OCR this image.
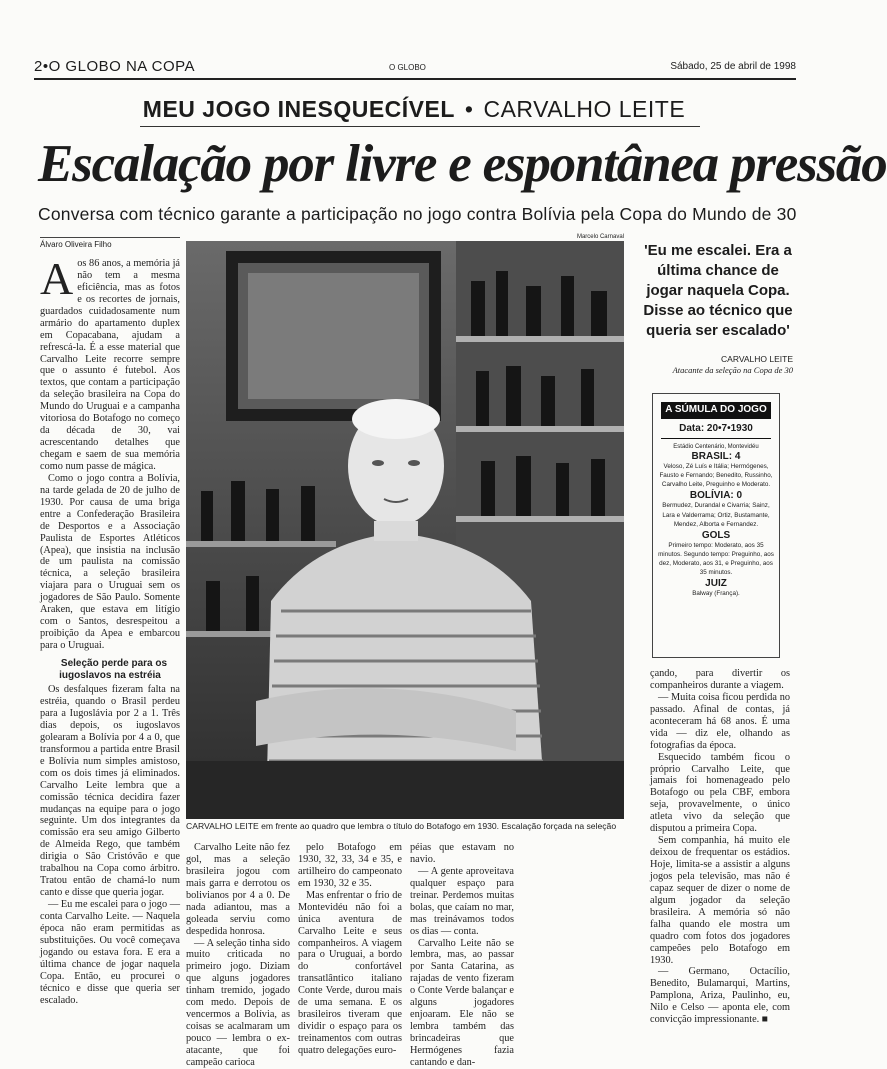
2•O GLOBO NA COPA	O GLOBO	Sábado, 25 de abril de 1998
MEU JOGO INESQUECÍVEL • CARVALHO LEITE
Escalação por livre e espontânea pressão
Conversa com técnico garante a participação no jogo contra Bolívia pela Copa do Mundo de 30
Álvaro Oliveira Filho
Marcelo Carnaval

Aos 86 anos, a memória já não tem a mesma eficiência, mas as fotos e os recortes de jornais, guardados cuidadosamente num armário do apartamento duplex em Copacabana, ajudam a refrescá-la. É a esse material que Carvalho Leite recorre sempre que o assunto é futebol. Aos textos, que contam a participação da seleção brasileira na Copa do Mundo do Uruguai e a campanha vitoriosa do Botafogo no começo da década de 30, vai acrescentando detalhes que chegam e saem de sua memória como num passe de mágica.

Como o jogo contra a Bolívia, na tarde gelada de 20 de julho de 1930. Por causa de uma briga entre a Confederação Brasileira de Desportos e a Associação Paulista de Esportes Atléticos (Apea), que insistia na inclusão de um paulista na comissão técnica, a seleção brasileira viajara para o Uruguai sem os jogadores de São Paulo. Somente Araken, que estava em litígio com o Santos, desrespeitou a proibição da Apea e embarcou para o Uruguai.

Seleção perde para os iugoslavos na estréia

Os desfalques fizeram falta na estréia, quando o Brasil perdeu para a Iugoslávia por 2 a 1. Três dias depois, os iugoslavos golearam a Bolívia por 4 a 0, que transformou a partida entre Brasil e Bolívia num simples amistoso, com os dois times já eliminados. Carvalho Leite lembra que a comissão técnica decidira fazer mudanças na equipe para o jogo seguinte. Um dos integrantes da comissão era seu amigo Gilberto de Almeida Rego, que também dirigia o São Cristóvão e que trabalhou na Copa como árbitro. Tratou então de chamá-lo num canto e disse que queria jogar.

— Eu me escalei para o jogo — conta Carvalho Leite. — Naquela época não eram permitidas as substituições. Ou você começava jogando ou estava fora. E era a última chance de jogar naquela Copa. Então, eu procurei o técnico e disse que queria ser escalado.

CARVALHO LEITE em frente ao quadro que lembra o título do Botafogo em 1930. Escalação forçada na seleção

Carvalho Leite não fez gol, mas a seleção brasileira jogou com mais garra e derrotou os bolivianos por 4 a 0. De nada adiantou, mas a goleada serviu como despedida honrosa.

— A seleção tinha sido muito criticada no primeiro jogo. Diziam que alguns jogadores tinham tremido, jogado com medo. Depois de vencermos a Bolívia, as coisas se acalmaram um pouco — lembra o ex-atacante, que foi campeão carioca

pelo Botafogo em 1930, 32, 33, 34 e 35, e artilheiro do campeonato em 1930, 32 e 35.

Mas enfrentar o frio de Montevidéu não foi a única aventura de Carvalho Leite e seus companheiros. A viagem para o Uruguai, a bordo do confortável transatlântico italiano Conte Verde, durou mais de uma semana. E os brasileiros tiveram que dividir o espaço para os treinamentos com outras quatro delegações euro-

péias que estavam no navio.

— A gente aproveitava qualquer espaço para treinar. Perdemos muitas bolas, que caíam no mar, mas treinávamos todos os dias — conta.

Carvalho Leite não se lembra, mas, ao passar por Santa Catarina, as rajadas de vento fizeram o Conte Verde balançar e alguns jogadores enjoaram. Ele não se lembra também das brincadeiras que Hermógenes fazia cantando e dan-

'Eu me escalei. Era a última chance de jogar naquela Copa. Disse ao técnico que queria ser escalado'
CARVALHO LEITE
Atacante da seleção na Copa de 30
A SÚMULA DO JOGO
Data: 20•7•1930
Estádio Centenário, Montevidéu
BRASIL: 4
Veloso, Zé Luís e Itália; Hermógenes, Fausto e Fernando; Benedito, Russinho, Carvalho Leite, Preguinho e Moderato.
BOLÍVIA: 0
Bermudez, Durandal e Civarria; Sainz, Lara e Valderrama; Ortiz, Bustamante, Mendez, Alborta e Fernandez.
GOLS
Primeiro tempo: Moderato, aos 35 minutos. Segundo tempo: Preguinho, aos dez, Moderato, aos 31, e Preguinho, aos 35 minutos.
JUIZ
Balway (França).

çando, para divertir os companheiros durante a viagem.

— Muita coisa ficou perdida no passado. Afinal de contas, já aconteceram há 68 anos. É uma vida — diz ele, olhando as fotografias da época.

Esquecido também ficou o próprio Carvalho Leite, que jamais foi homenageado pelo Botafogo ou pela CBF, embora seja, provavelmente, o único atleta vivo da seleção que disputou a primeira Copa.

Sem companhia, há muito ele deixou de frequentar os estádios. Hoje, limita-se a assistir a alguns jogos pela televisão, mas não é capaz sequer de dizer o nome de algum jogador da seleção brasileira. A memória só não falha quando ele mostra um quadro com fotos dos jogadores campeões pelo Botafogo em 1930.

— Germano, Octacílio, Benedito, Bulamarqui, Martins, Pamplona, Ariza, Paulinho, eu, Nilo e Celso — aponta ele, com convicção impressionante. ■
